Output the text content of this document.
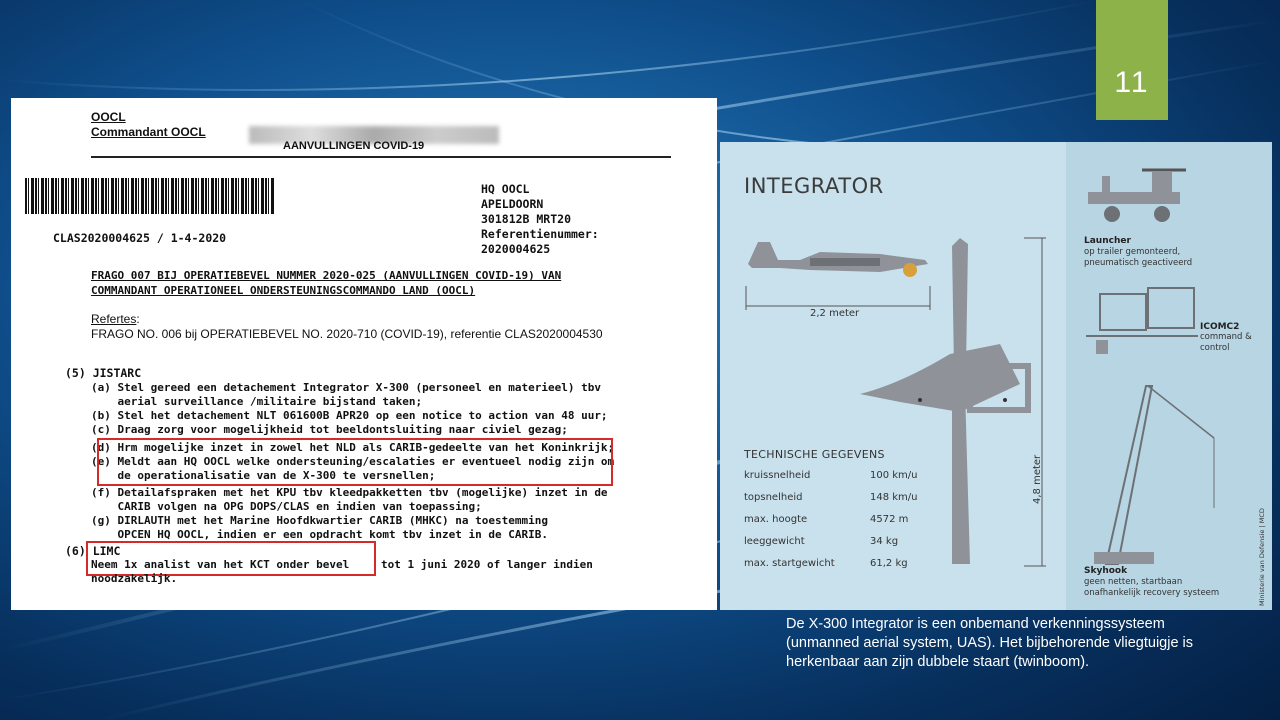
11
OOCL
Commandant OOCL
AANVULLINGEN COVID-19
HQ OOCL
APELDOORN
301812B MRT20
Referentienummer:
2020004625
CLAS2020004625 / 1-4-2020
FRAGO 007 BIJ OPERATIEBEVEL NUMMER 2020-025 (AANVULLINGEN COVID-19) VAN
COMMANDANT OPERATIONEEL ONDERSTEUNINGSCOMMANDO LAND (OOCL)
Refertes:
FRAGO NO. 006 bij OPERATIEBEVEL NO. 2020-710 (COVID-19), referentie CLAS2020004530
(5) JISTARC
(a) Stel gereed een detachement Integrator X-300 (personeel en materieel) tbv
aerial surveillance /militaire bijstand taken;
(b) Stel het detachement NLT 061600B APR20 op een notice to action van 48 uur;
(c) Draag zorg voor mogelijkheid tot beeldontsluiting naar civiel gezag;
(d) Hrm mogelijke inzet in zowel het NLD als CARIB-gedeelte van het Koninkrijk;
(e) Meldt aan HQ OOCL welke ondersteuning/escalaties er eventueel nodig zijn om
de operationalisatie van de X-300 te versnellen;
(f) Detailafspraken met het KPU tbv kleedpakketten tbv (mogelijke) inzet in de
CARIB volgen na OPG DOPS/CLAS en indien van toepassing;
(g) DIRLAUTH met het Marine Hoofdkwartier CARIB (MHKC) na toestemming
OPCEN HQ OOCL, indien er een opdracht komt tbv inzet in de CARIB.
(6) LIMC
Neem 1x analist van het KCT onder bevel	tot 1 juni 2020 of langer indien
noodzakelijk.
INTEGRATOR
2,2 meter
4,8 meter
TECHNISCHE GEGEVENS
kruissnelheid	100 km/u
topsnelheid	148 km/u
max. hoogte	4572 m
leeggewicht	34 kg
max. startgewicht	61,2 kg
Launcher
op trailer gemonteerd, pneumatisch geactiveerd
ICOMC2
command & control
Skyhook
geen netten, startbaan onafhankelijk recovery systeem	Ministerie van Defensie | MCD
De X-300 Integrator is een onbemand verkenningssysteem (unmanned aerial system, UAS). Het bijbehorende vliegtuigje is herkenbaar aan zijn dubbele staart (twinboom).
